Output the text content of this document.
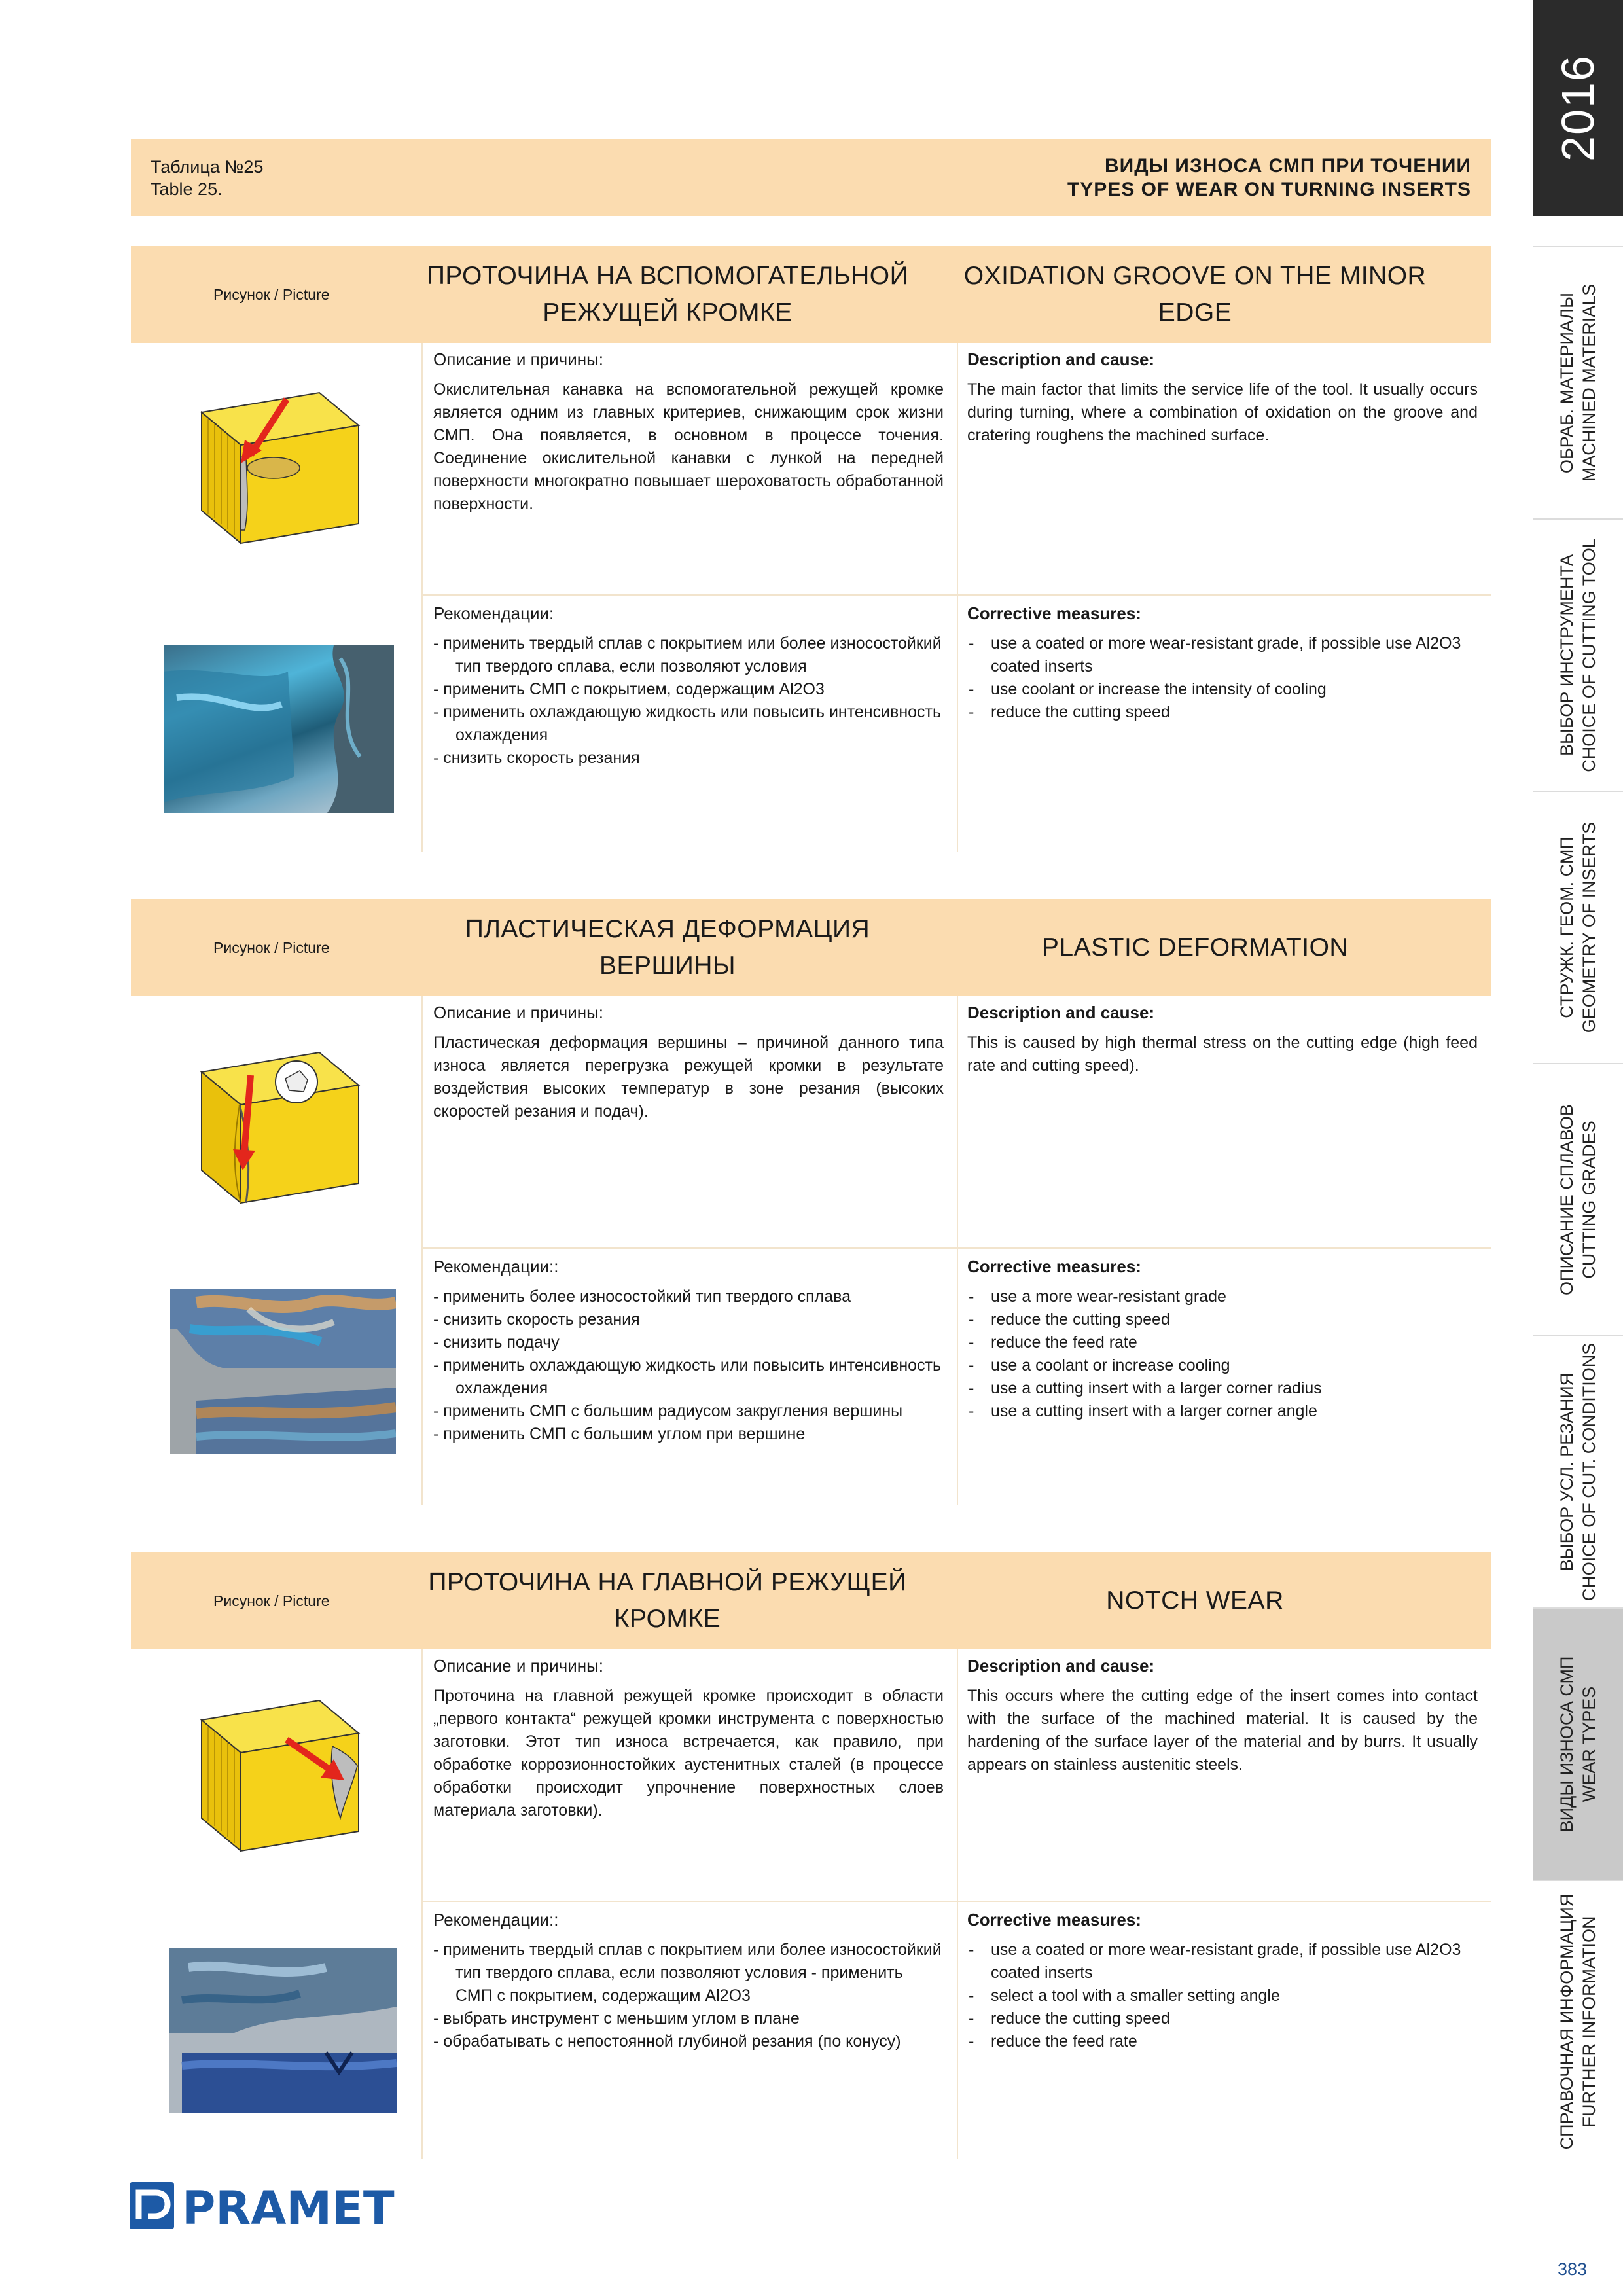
Таблица №25
Table 25.
ВИДЫ ИЗНОСА СМП ПРИ ТОЧЕНИИ
TYPES OF WEAR ON TURNING INSERTS
Рисунок / Picture
ПРОТОЧИНА НА ВСПОМОГАТЕЛЬНОЙ РЕЖУЩЕЙ КРОМКЕ
OXIDATION GROOVE ON THE MINOR EDGE
Описание и причины:
Окислительная канавка на вспомогательной режущей кромке является одним из главных критериев, снижающим срок жизни СМП. Она появляется, в основном в процессе точения. Соединение окислительной канавки с лункой на передней поверхности многократно повышает шероховатость обработанной поверхности.
Description and cause:
The main factor that limits the service life of the tool. It usually occurs during turning, where a combination of oxidation on the groove and cratering roughens the machined surface.
Рекомендации:
- применить твердый сплав с покрытием или более износостойкий тип твердого сплава, если позволяют условия
- применить СМП с покрытием, содержащим Al2O3
- применить охлаждающую жидкость или повысить интенсивность охлаждения
- снизить скорость резания
Corrective measures:
- use a coated or more wear-resistant grade, if possible use Al2O3 coated inserts
- use coolant or increase the intensity of cooling
- reduce the cutting speed
Рисунок / Picture
ПЛАСТИЧЕСКАЯ ДЕФОРМАЦИЯ ВЕРШИНЫ
PLASTIC DEFORMATION
Описание и причины:
Пластическая деформация вершины – причиной данного типа износа является перегрузка режущей кромки в результате воздействия высоких температур в зоне резания (высоких скоростей резания и подач).
Description and cause:
This is caused by high thermal stress on the cutting edge (high feed rate and cutting speed).
Рекомендации::
- применить более износостойкий тип твердого сплава
- снизить скорость резания
- снизить подачу
- применить охлаждающую жидкость или повысить интенсивность охлаждения
- применить СМП с большим радиусом закругления вершины
- применить СМП с большим углом при вершине
Corrective measures:
- use a more wear-resistant grade
- reduce the cutting speed
- reduce the feed rate
- use a coolant or increase cooling
- use a cutting insert with a larger corner radius
- use a cutting insert with a larger corner angle
Рисунок / Picture
ПРОТОЧИНА НА ГЛАВНОЙ РЕЖУЩЕЙ КРОМКЕ
NOTCH WEAR
Описание и причины:
Проточина на главной режущей кромке происходит в области „первого контакта“ режущей кромки инструмента с поверхностью заготовки. Этот тип износа встречается, как правило, при обработке коррозионностойких аустенитных сталей (в процессе обработки происходит упрочнение поверхностных слоев материала заготовки).
Description and cause:
This occurs where the cutting edge of the insert comes into contact with the surface of the machined material. It is caused by the hardening of the surface layer of the material and by burrs. It usually appears on stainless austenitic steels.
Рекомендации::
- применить твердый сплав с покрытием или более износостойкий тип твердого сплава, если позволяют условия - применить СМП с покрытием, содержащим Al2O3
- выбрать инструмент с меньшим углом в плане
- обрабатывать с непостоянной глубиной резания (по конусу)
Corrective measures:
- use a coated or more wear-resistant grade, if possible use Al2O3 coated inserts
- select a tool with a smaller setting angle
- reduce the cutting speed
- reduce the feed rate
2016
ОБРАБ. МАТЕРИАЛЫ MACHINED MATERIALS
ВЫБОР ИНСТРУМЕНТА CHOICE OF CUTTING TOOL
СТРУЖК. ГЕОМ. СМП GEOMETRY OF INSERTS
ОПИСАНИЕ СПЛАВОВ CUTTING GRADES
ВЫБОР УСЛ. РЕЗАНИЯ CHOICE OF CUT. CONDITIONS
ВИДЫ ИЗНОСА СМП WEAR TYPES
СПРАВОЧНАЯ ИНФОРМАЦИЯ FURTHER INFORMATION
PRAMET
383
